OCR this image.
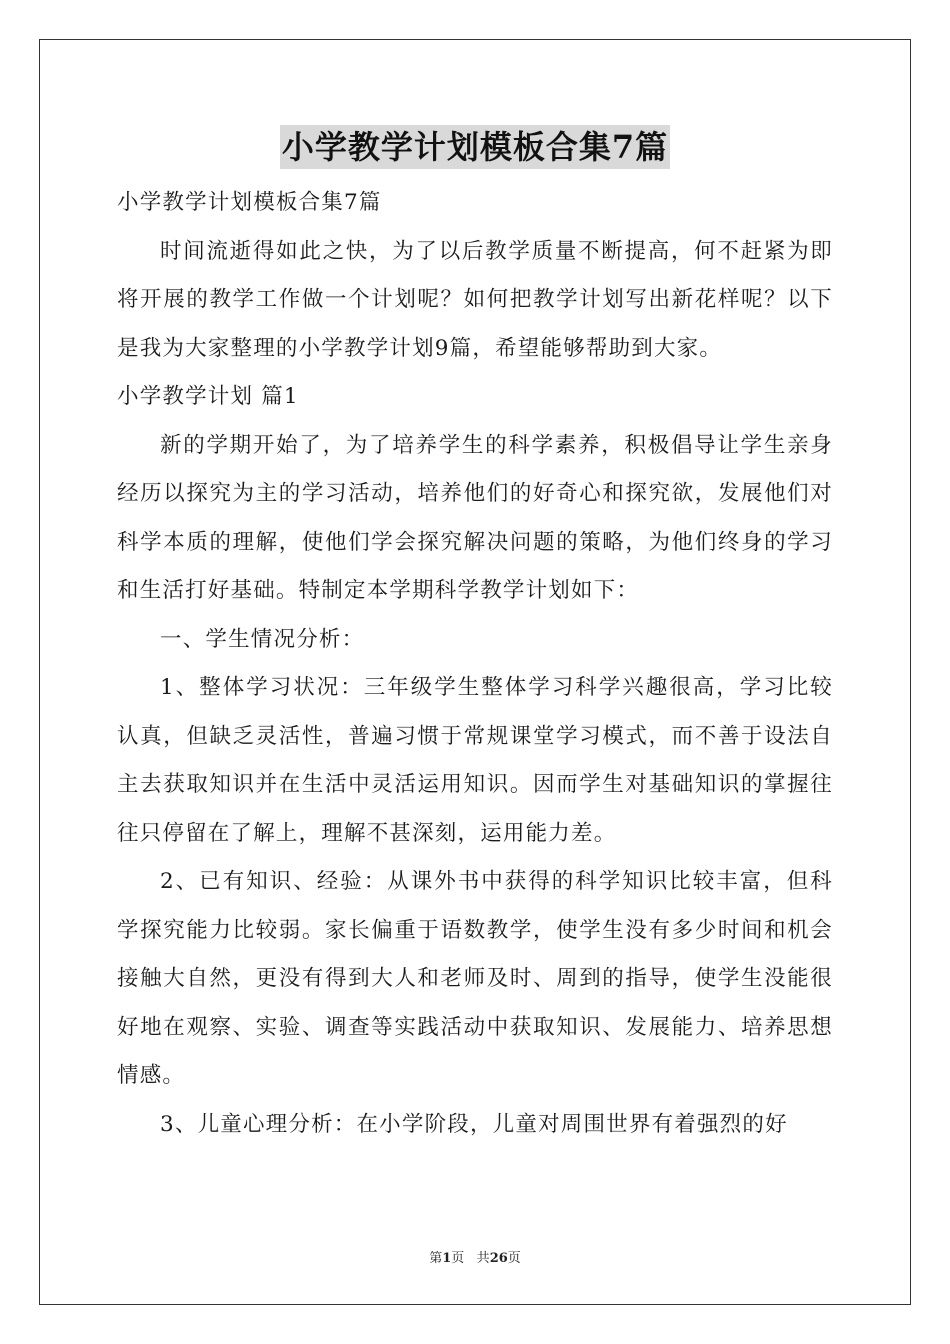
小学教学计划模板合集7篇

小学教学计划模板合集7篇

时间流逝得如此之快，为了以后教学质量不断提高，何不赶紧为即将开展的教学工作做一个计划呢？如何把教学计划写出新花样呢？以下是我为大家整理的小学教学计划9篇，希望能够帮助到大家。

小学教学计划 篇1

新的学期开始了，为了培养学生的科学素养，积极倡导让学生亲身经历以探究为主的学习活动，培养他们的好奇心和探究欲，发展他们对科学本质的理解，使他们学会探究解决问题的策略，为他们终身的学习和生活打好基础。特制定本学期科学教学计划如下：

一、学生情况分析：

1、整体学习状况：三年级学生整体学习科学兴趣很高，学习比较认真，但缺乏灵活性，普遍习惯于常规课堂学习模式，而不善于设法自主去获取知识并在生活中灵活运用知识。因而学生对基础知识的掌握往往只停留在了解上，理解不甚深刻，运用能力差。

2、已有知识、经验：从课外书中获得的科学知识比较丰富，但科学探究能力比较弱。家长偏重于语数教学，使学生没有多少时间和机会接触大自然，更没有得到大人和老师及时、周到的指导，使学生没能很好地在观察、实验、调查等实践活动中获取知识、发展能力、培养思想情感。

3、儿童心理分析：在小学阶段，儿童对周围世界有着强烈的好

第1页 共26页
